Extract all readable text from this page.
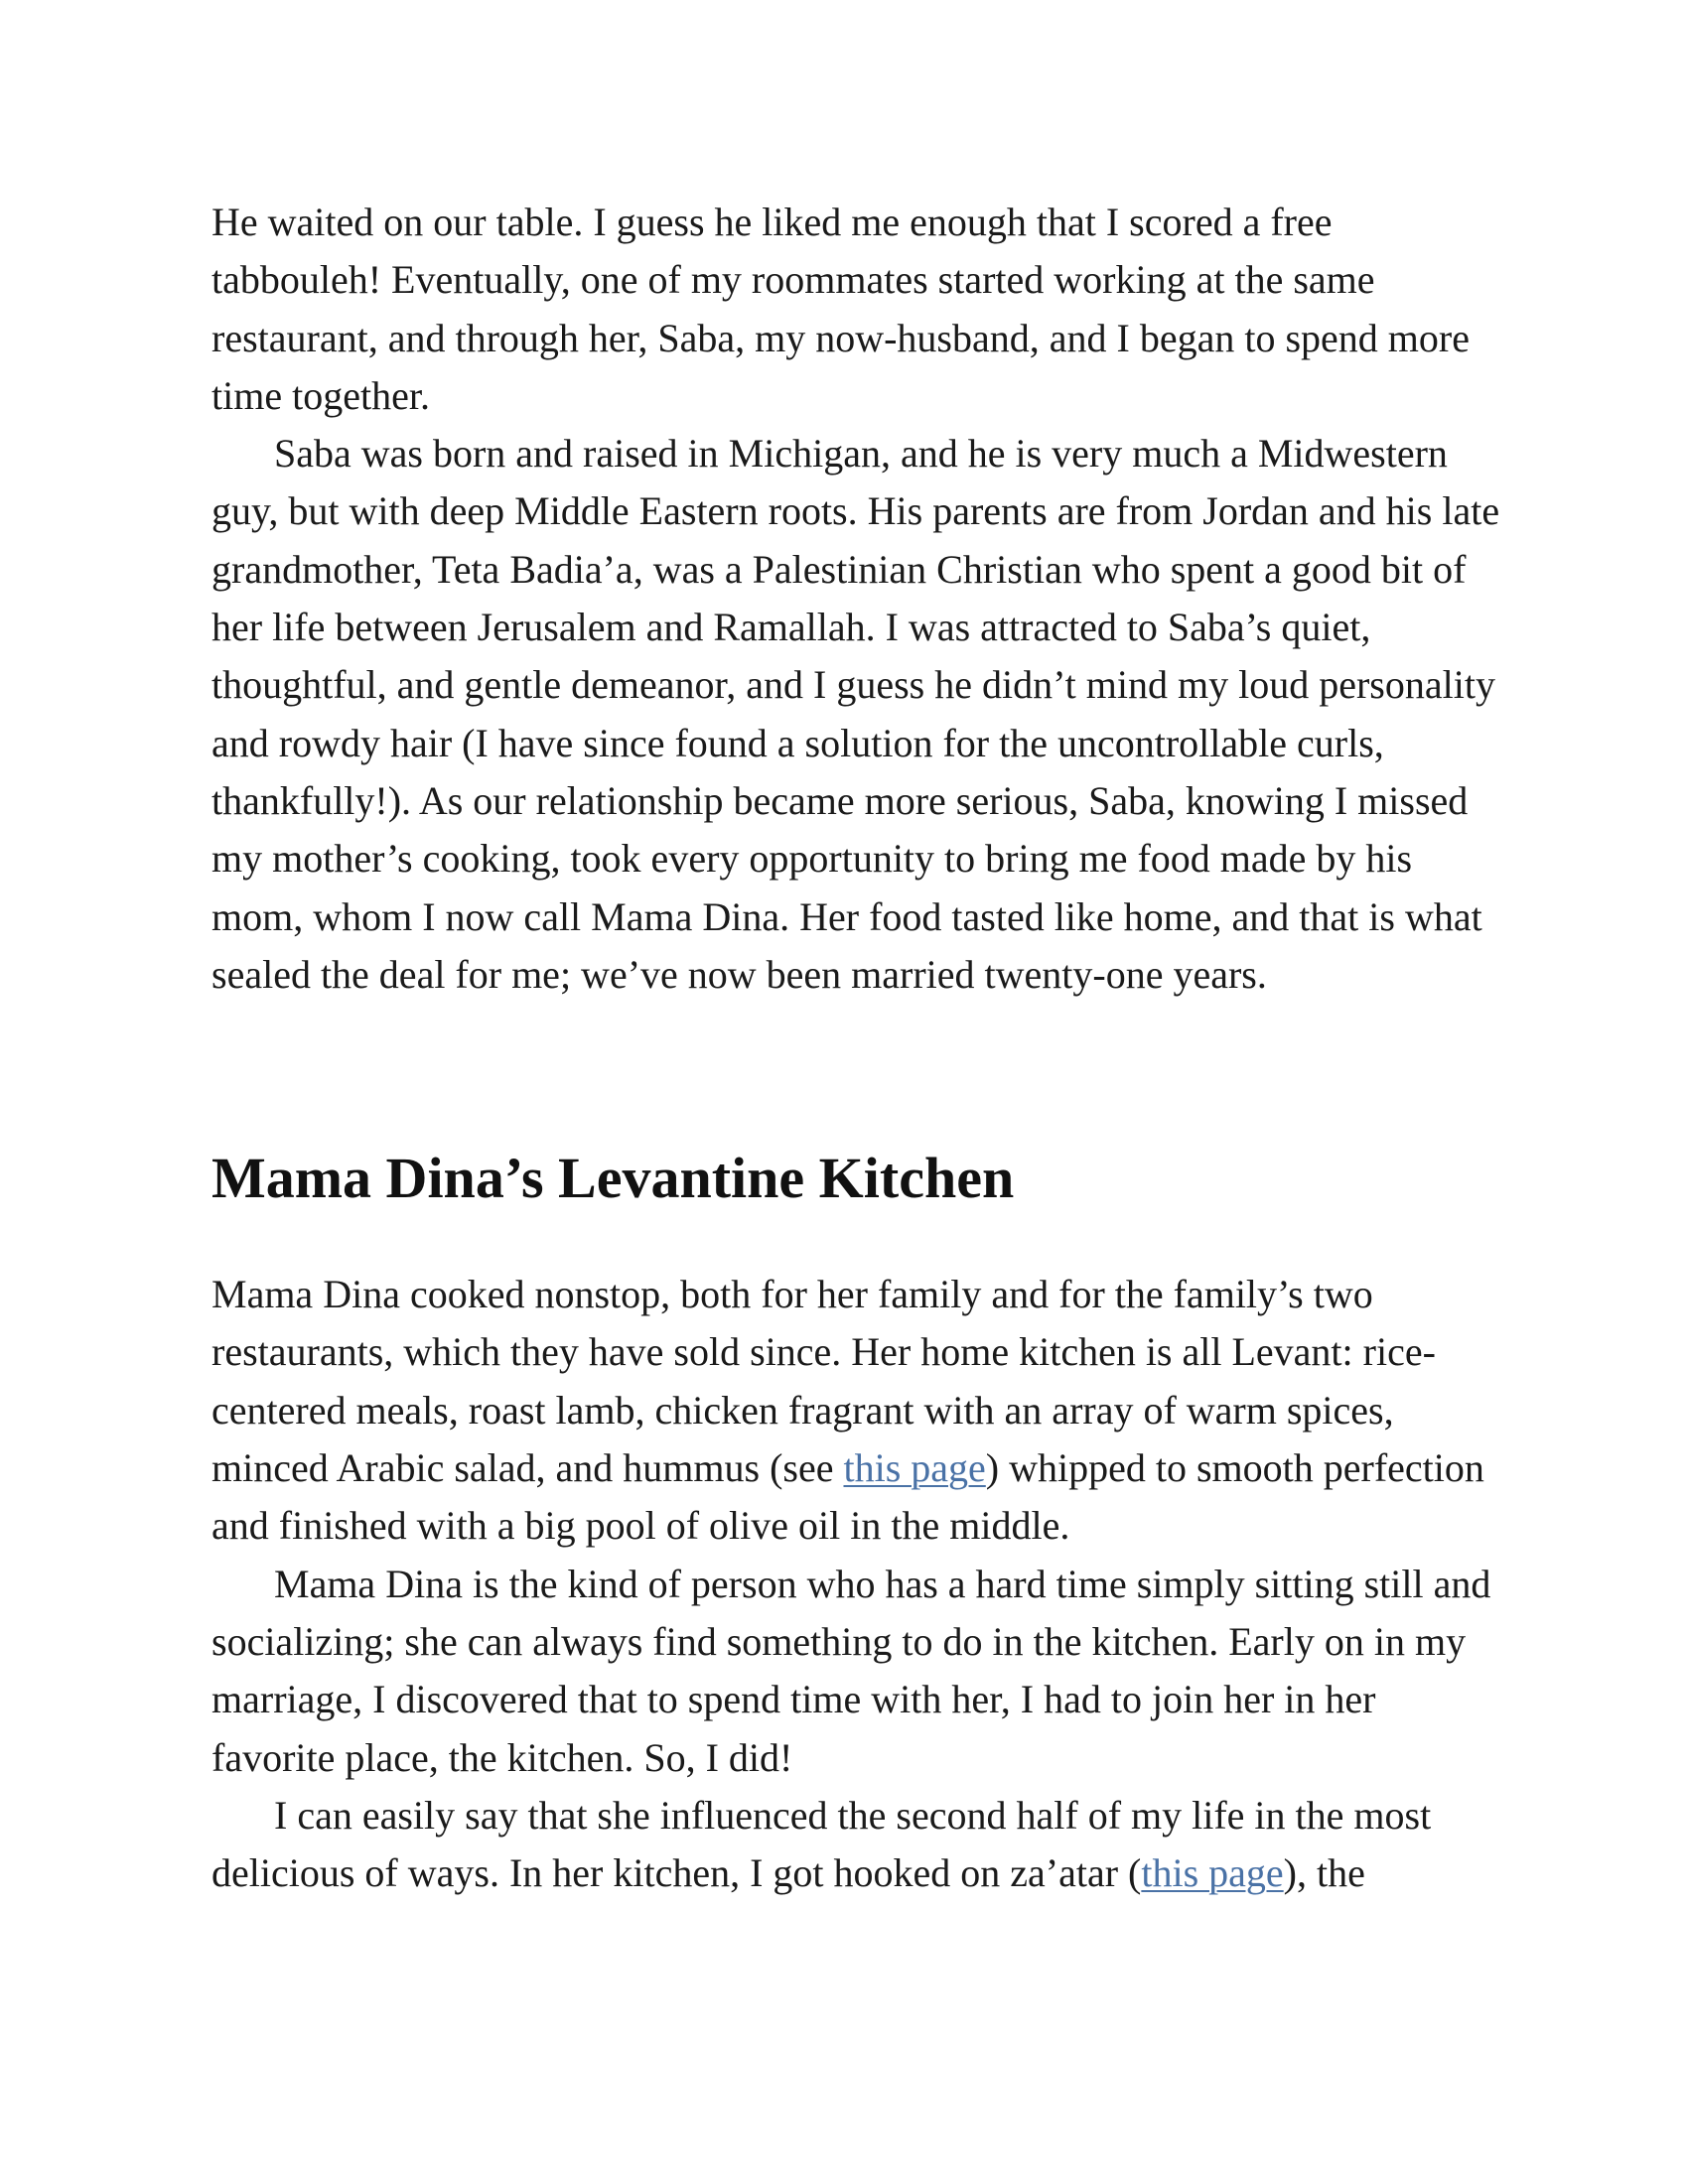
He waited on our table. I guess he liked me enough that I scored a free tabbouleh! Eventually, one of my roommates started working at the same restaurant, and through her, Saba, my now-husband, and I began to spend more time together.

Saba was born and raised in Michigan, and he is very much a Midwestern guy, but with deep Middle Eastern roots. His parents are from Jordan and his late grandmother, Teta Badia’a, was a Palestinian Christian who spent a good bit of her life between Jerusalem and Ramallah. I was attracted to Saba’s quiet, thoughtful, and gentle demeanor, and I guess he didn’t mind my loud personality and rowdy hair (I have since found a solution for the uncontrollable curls, thankfully!). As our relationship became more serious, Saba, knowing I missed my mother’s cooking, took every opportunity to bring me food made by his mom, whom I now call Mama Dina. Her food tasted like home, and that is what sealed the deal for me; we’ve now been married twenty-one years.

Mama Dina’s Levantine Kitchen

Mama Dina cooked nonstop, both for her family and for the family’s two restaurants, which they have sold since. Her home kitchen is all Levant: rice-centered meals, roast lamb, chicken fragrant with an array of warm spices, minced Arabic salad, and hummus (see this page) whipped to smooth perfection and finished with a big pool of olive oil in the middle.

Mama Dina is the kind of person who has a hard time simply sitting still and socializing; she can always find something to do in the kitchen. Early on in my marriage, I discovered that to spend time with her, I had to join her in her favorite place, the kitchen. So, I did!

I can easily say that she influenced the second half of my life in the most delicious of ways. In her kitchen, I got hooked on za’atar (this page), the
